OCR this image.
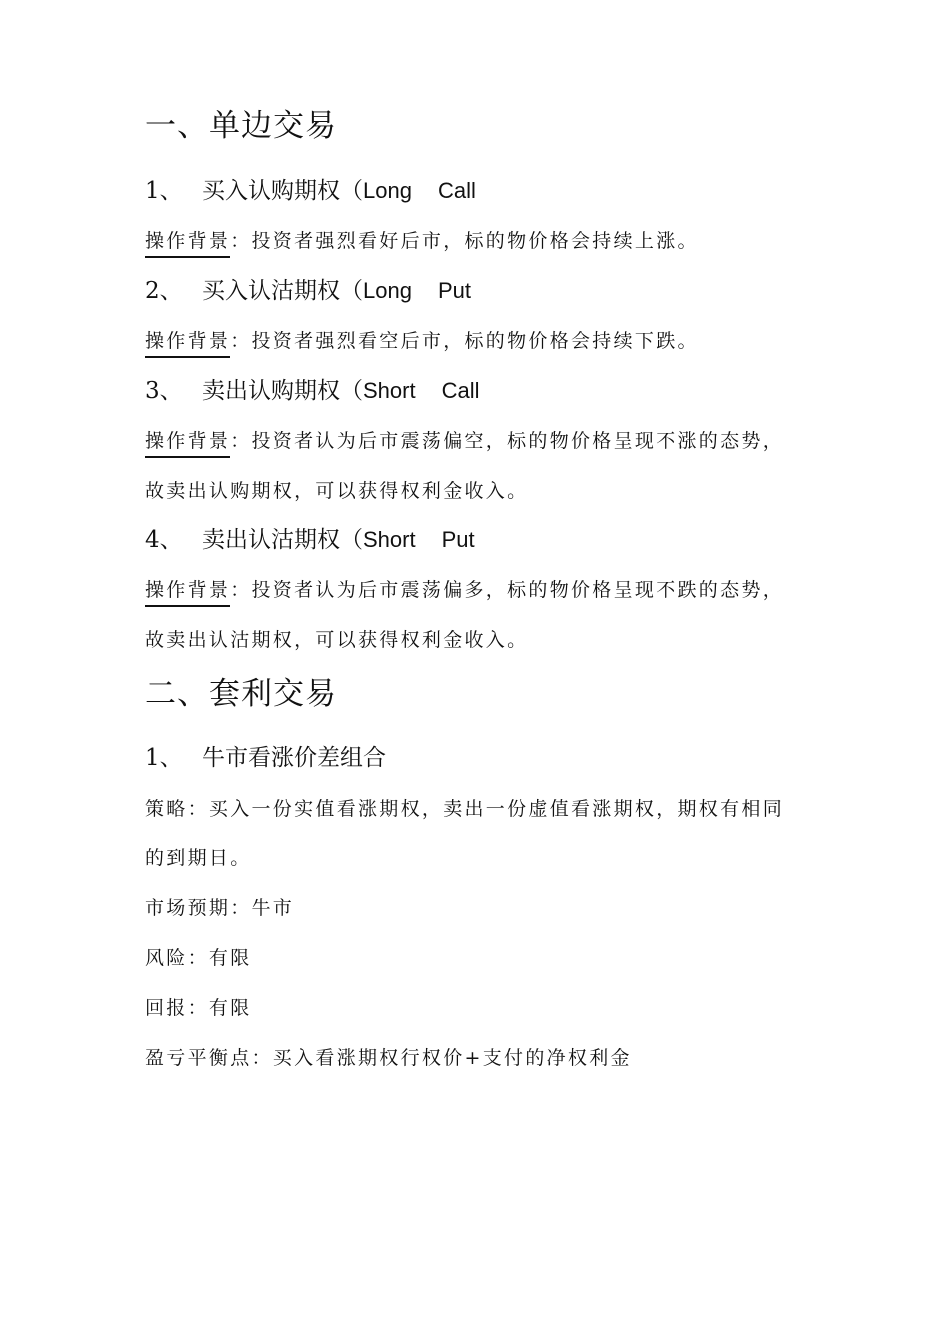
一、单边交易
1、 买入认购期权（Long Call
操作背景：投资者强烈看好后市，标的物价格会持续上涨。
2、 买入认沽期权（Long Put
操作背景：投资者强烈看空后市，标的物价格会持续下跌。
3、 卖出认购期权（Short Call
操作背景：投资者认为后市震荡偏空，标的物价格呈现不涨的态势，
故卖出认购期权，可以获得权利金收入。
4、 卖出认沽期权（Short Put
操作背景：投资者认为后市震荡偏多，标的物价格呈现不跌的态势，
故卖出认沽期权，可以获得权利金收入。
二、套利交易
1、 牛市看涨价差组合
策略：买入一份实值看涨期权，卖出一份虚值看涨期权，期权有相同
的到期日。
市场预期：牛市
风险：有限
回报：有限
盈亏平衡点：买入看涨期权行权价+支付的净权利金
